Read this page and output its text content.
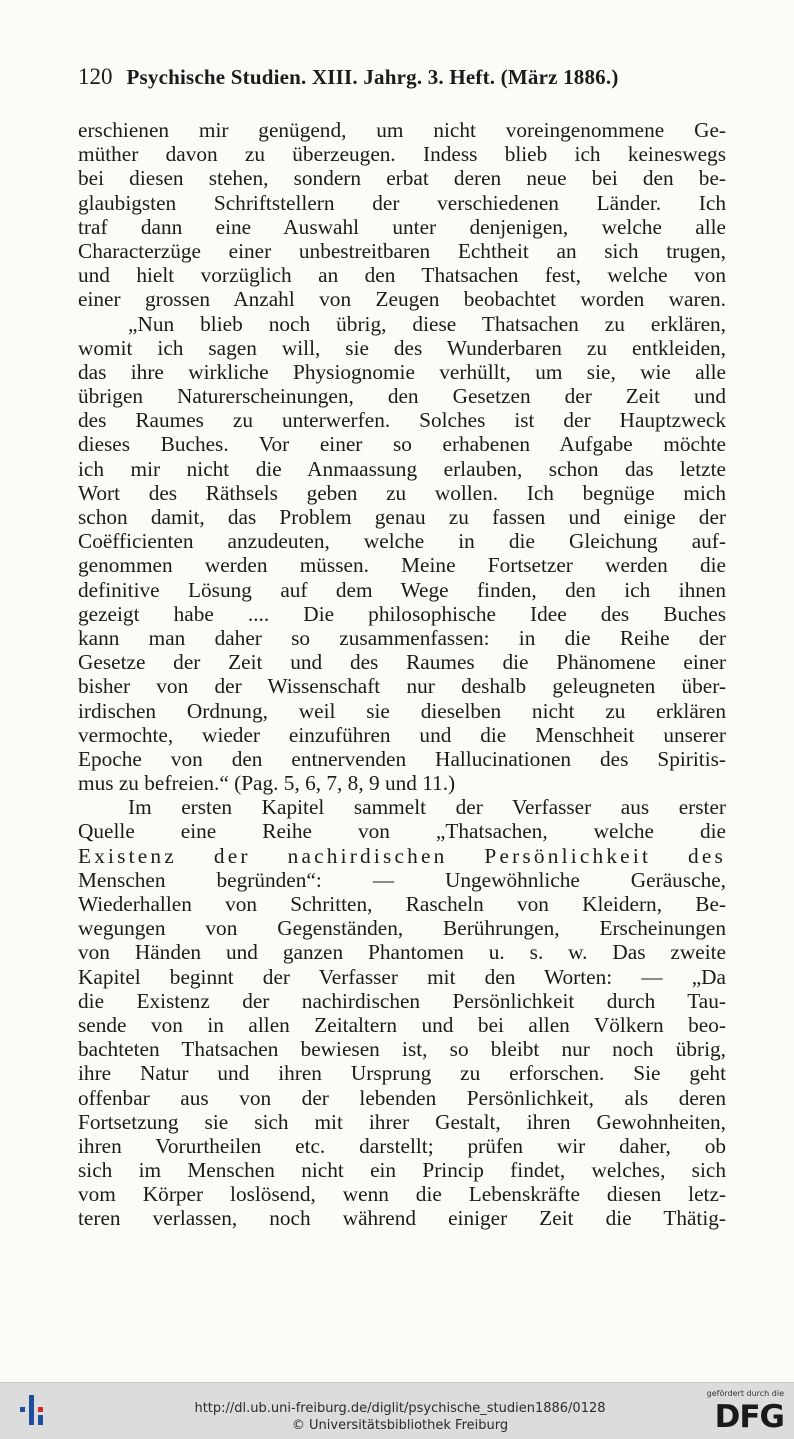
120 Psychische Studien. XIII. Jahrg. 3. Heft. (März 1886.)
erschienen mir genügend, um nicht voreingenommene Ge-
müther davon zu überzeugen. Indess blieb ich keineswegs
bei diesen stehen, sondern erbat deren neue bei den be-
glaubigsten Schriftstellern der verschiedenen Länder. Ich
traf dann eine Auswahl unter denjenigen, welche alle
Characterzüge einer unbestreitbaren Echtheit an sich trugen,
und hielt vorzüglich an den Thatsachen fest, welche von
einer grossen Anzahl von Zeugen beobachtet worden waren.
„Nun blieb noch übrig, diese Thatsachen zu erklären,
womit ich sagen will, sie des Wunderbaren zu entkleiden,
das ihre wirkliche Physiognomie verhüllt, um sie, wie alle
übrigen Naturerscheinungen, den Gesetzen der Zeit und
des Raumes zu unterwerfen. Solches ist der Hauptzweck
dieses Buches. Vor einer so erhabenen Aufgabe möchte
ich mir nicht die Anmaassung erlauben, schon das letzte
Wort des Räthsels geben zu wollen. Ich begnüge mich
schon damit, das Problem genau zu fassen und einige der
Coëfficienten anzudeuten, welche in die Gleichung auf-
genommen werden müssen. Meine Fortsetzer werden die
definitive Lösung auf dem Wege finden, den ich ihnen
gezeigt habe .... Die philosophische Idee des Buches
kann man daher so zusammenfassen: in die Reihe der
Gesetze der Zeit und des Raumes die Phänomene einer
bisher von der Wissenschaft nur deshalb geleugneten über-
irdischen Ordnung, weil sie dieselben nicht zu erklären
vermochte, wieder einzuführen und die Menschheit unserer
Epoche von den entnervenden Hallucinationen des Spiritis-
mus zu befreien.“ (Pag. 5, 6, 7, 8, 9 und 11.)
Im ersten Kapitel sammelt der Verfasser aus erster
Quelle eine Reihe von „Thatsachen, welche die
Existenz der nachirdischen Persönlichkeit des
Menschen begründen“: — Ungewöhnliche Geräusche,
Wiederhallen von Schritten, Rascheln von Kleidern, Be-
wegungen von Gegenständen, Berührungen, Erscheinungen
von Händen und ganzen Phantomen u. s. w. Das zweite
Kapitel beginnt der Verfasser mit den Worten: — „Da
die Existenz der nachirdischen Persönlichkeit durch Tau-
sende von in allen Zeitaltern und bei allen Völkern beo-
bachteten Thatsachen bewiesen ist, so bleibt nur noch übrig,
ihre Natur und ihren Ursprung zu erforschen. Sie geht
offenbar aus von der lebenden Persönlichkeit, als deren
Fortsetzung sie sich mit ihrer Gestalt, ihren Gewohnheiten,
ihren Vorurtheilen etc. darstellt; prüfen wir daher, ob
sich im Menschen nicht ein Princip findet, welches, sich
vom Körper loslösend, wenn die Lebenskräfte diesen letz-
teren verlassen, noch während einiger Zeit die Thätig-
http://dl.ub.uni-freiburg.de/diglit/psychische_studien1886/0128
© Universitätsbibliothek Freiburg
gefördert durch die
DFG
